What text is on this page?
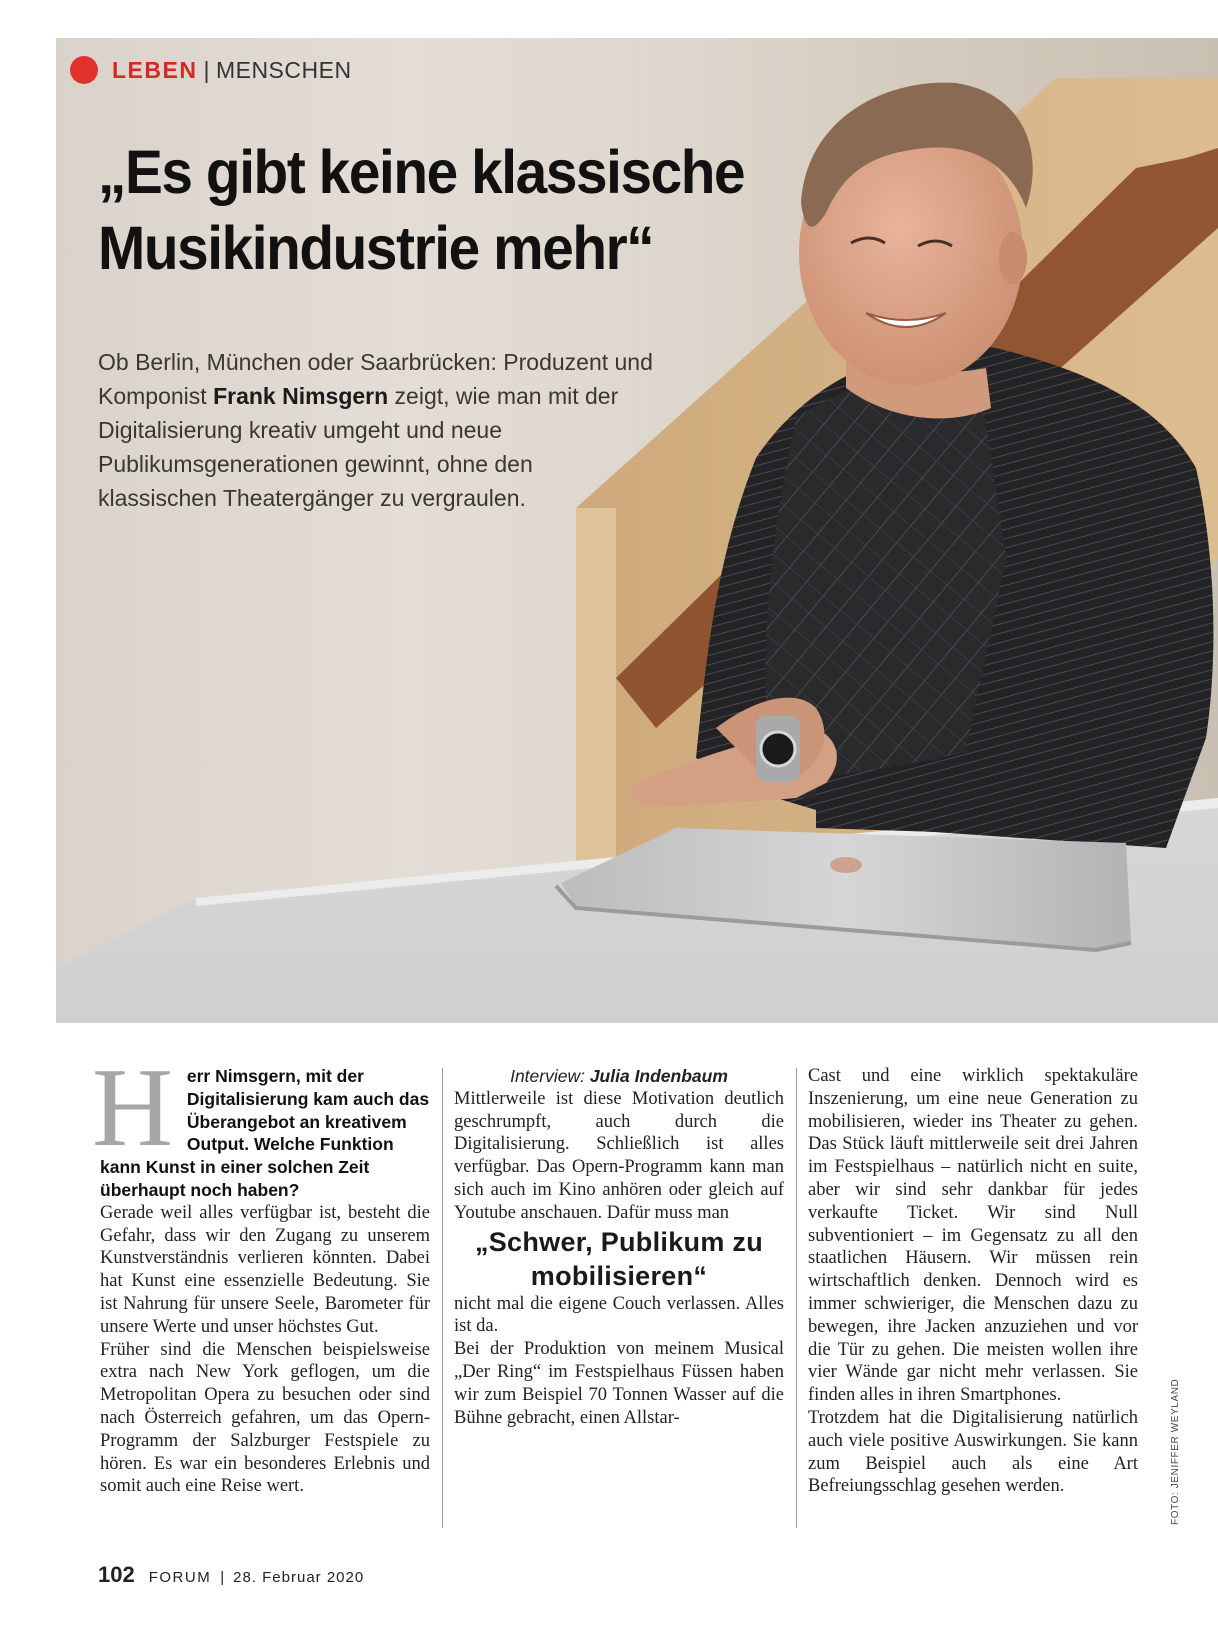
LEBEN | MENSCHEN
„Es gibt keine klassische Musikindustrie mehr“

Ob Berlin, München oder Saarbrücken: Produzent und Komponist Frank Nimsgern zeigt, wie man mit der Digitalisierung kreativ umgeht und neue Publikumsgenerationen gewinnt, ohne den klassischen Theatergänger zu vergraulen.

H err Nimsgern, mit der Digitalisierung kam auch das Überangebot an kreativem Output. Welche Funktion kann Kunst in einer solchen Zeit überhaupt noch haben?

Gerade weil alles verfügbar ist, besteht die Gefahr, dass wir den Zugang zu unserem Kunstverständnis verlieren könnten. Dabei hat Kunst eine essenzielle Bedeutung. Sie ist Nahrung für unsere Seele, Barometer für unsere Werte und unser höchstes Gut.

Früher sind die Menschen beispielsweise extra nach New York geflogen, um die Metropolitan Opera zu besuchen oder sind nach Österreich gefahren, um das Opern-Programm der Salzburger Festspiele zu hören. Es war ein besonderes Erlebnis und somit auch eine Reise wert.

Interview: Julia Indenbaum

Mittlerweile ist diese Motivation deutlich geschrumpft, auch durch die Digitalisierung. Schließlich ist alles verfügbar. Das Opern-Programm kann man sich auch im Kino anhören oder gleich auf Youtube anschauen. Dafür muss man

„Schwer, Publikum zu mobilisieren“

nicht mal die eigene Couch verlassen. Alles ist da.

Bei der Produktion von meinem Musical „Der Ring“ im Festspielhaus Füssen haben wir zum Beispiel 70 Tonnen Wasser auf die Bühne gebracht, einen Allstar-

Cast und eine wirklich spektakuläre Inszenierung, um eine neue Generation zu mobilisieren, wieder ins Theater zu gehen. Das Stück läuft mittlerweile seit drei Jahren im Festspielhaus – natürlich nicht en suite, aber wir sind sehr dankbar für jedes verkaufte Ticket. Wir sind Null subventioniert – im Gegensatz zu all den staatlichen Häusern. Wir müssen rein wirtschaftlich denken. Dennoch wird es immer schwieriger, die Menschen dazu zu bewegen, ihre Jacken anzuziehen und vor die Tür zu gehen. Die meisten wollen ihre vier Wände gar nicht mehr verlassen. Sie finden alles in ihren Smartphones.

Trotzdem hat die Digitalisierung natürlich auch viele positive Auswirkungen. Sie kann zum Beispiel auch als eine Art Befreiungsschlag gesehen werden.	FOTO: JENIFFER WEYLAND
102 FORUM | 28. Februar 2020
